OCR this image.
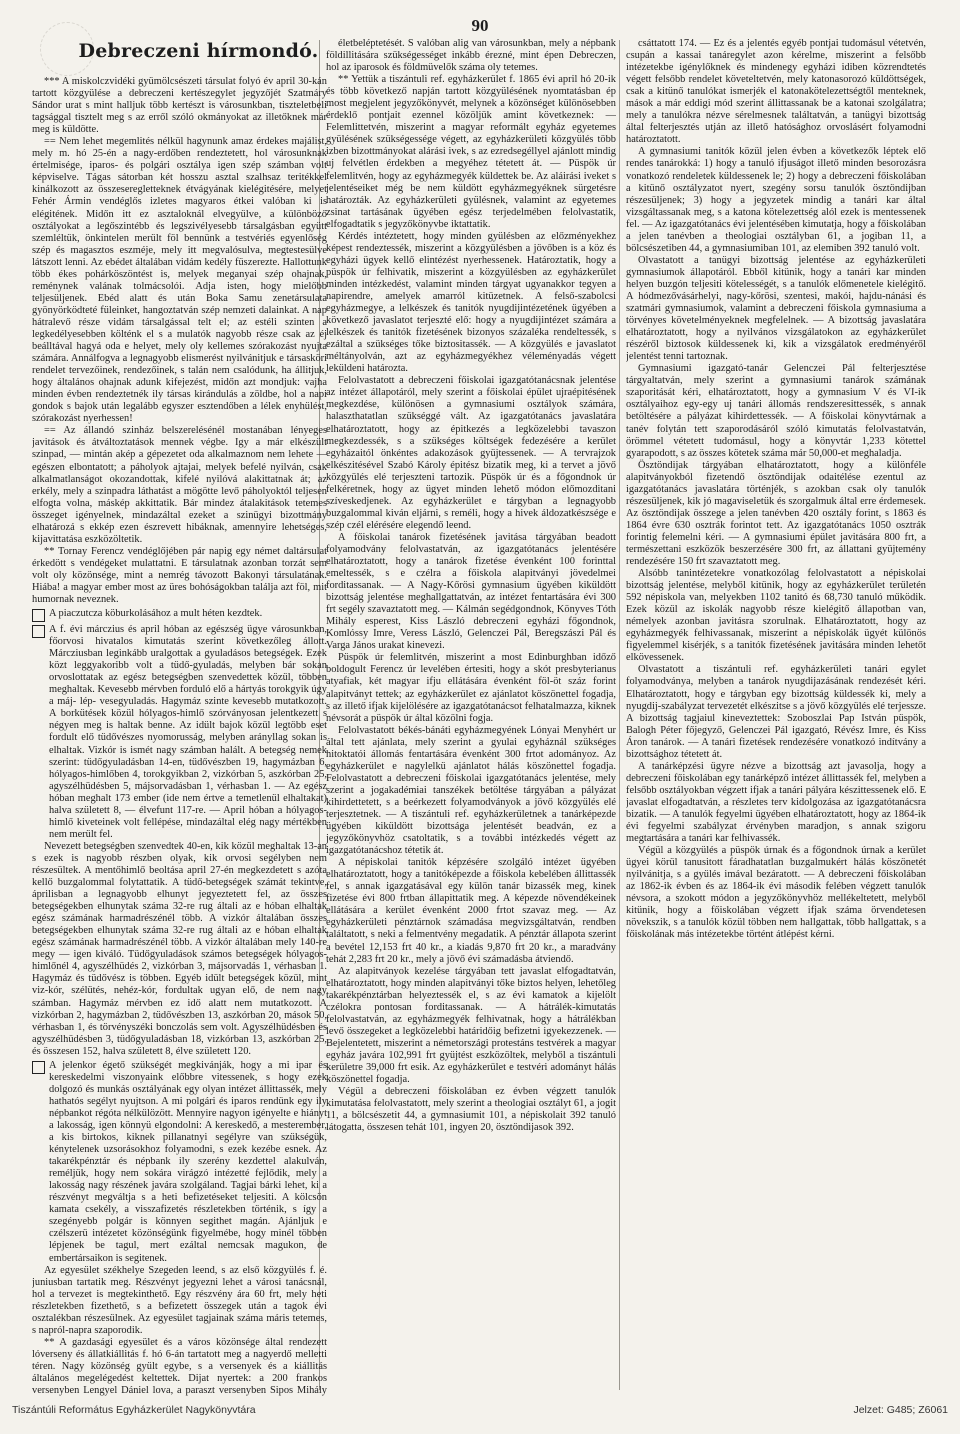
90
Debreczeni hírmondó.

*** A miskolczvidéki gyümölcsészeti társulat folyó év april 30-kán tartott közgyülése a debreczeni kertészegylet jegyzőjét Szatmáry Sándor urat s mint halljuk több kertészt is városunkban, tiszteletbeli tagsággal tisztelt meg s az erről szóló okmányokat az illetőknek már meg is küldötte.

== Nem lehet megemlités nélkül hagynunk amaz érdekes majálist, mely m. hó 25-én a nagy-erdőben rendeztetett, hol városunknak értelmisége, iparos- és polgári osztálya igen szép számban volt képviselve. Tágas sátorban két hosszu asztal szalhsaz teritékkel kinálkozott az összeseregletteknek étvágyának kielégitésére, melyet Fehér Ármin vendéglős izletes magyaros étkei valóban ki is elégitének. Midőn itt ez asztaloknál elvegyülve, a különböző osztályokat a legőszintébb és legszivélyesebb társalgásban együtt szemléltük, önkintelen merült föl bennünk a testvériés egyenlőség szép és magasztos eszméje, mely itt megvalósulva, megtestesülve látszott lenni. Az ebédet általában vidám kedély füszerezte. Hallottunk több ékes pohárköszöntést is, melyek meganyai szép ohajnak, reménynek valának tolmácsolói. Adja isten, hogy mielőbb teljesüljenek. Ebéd alatt és után Boka Samu zenetársulata gyönyörködteté füleinket, hangoztatván szép nemzeti dalainkat. A nap hátralevő része vidám társalgással telt el; az estéli szinten a legkedélyesebben költénk el s a mulatók nagyobb része csak az éj beálltával hagyá oda e helyet, mely oly kellemes szórakozást nyujta számára. Annálfogva a legnagyobb elismerést nyilvánitjuk e társasköri rendelet tervezőinek, rendezőinek, s talán nem csalódunk, ha állitjuk, hogy általános ohajnak adunk kifejezést, midőn azt mondjuk: vajha minden évben rendeztetnék ily társas kirándulás a zöldbe, hol a napi gondok s bajok után legalább egyszer esztendőben a lélek enyhülést, szórakozást nyerhessen!

== Az állandó szinház belszerelésénél mostanában lényeges javitások és átváltoztatások mennek végbe. Igy a már elkészült szinpad, — mintán akép a gépezetet oda alkalmaznom nem lehete — egészen elbontatott; a páholyok ajtajai, melyek befelé nyilván, csak alkalmatlanságot okozandottak, kifelé nyilóvá alakittatnak át; az erkély, mely a szinpadra láthatást a mögötte levő páholyoktól teljesen elfogta volna, máskép akkittatik. Bár mindez átalakitások tetemes összeget igényelnek, mindazáltal ezeket a szinügyi bizottmány elhatározá s ekkép ezen észrevett hibáknak, amennyire lehetséges, kijavittatása eszközöltetik.

** Tornay Ferencz vendéglőjében pár napig egy német daltársulat érkedött s vendégeket mulattatni. E társulatnak azonban torzát sem volt oly közönsége, mint a nemrég távozott Bakonyi társulatának. Hiába! a magyar ember most az üres bohóságokban találja azt föl, mit humornak neveznek.

A piaczutcza köburkolásához a mult héten kezdtek.
A f. évi márczius és april hóban az egészség ügye városunkban, főorvosi hivatalos kimutatás szerint következőleg állott. Márcziusban leginkább uralgottak a gyuladásos betegségek. Ezek közt leggyakoribb volt a tüdő-gyuladás, melyben bár sokan orvoslottatak az egész betegségben szenvedettek közül, többen meghaltak. Kevesebb mérvben forduló elő a hártyás torokgyik úgy a máj- lép- vesegyuladás. Hagymáz szinte kevesebb mutatkozott. A borkütések közül hólyagos-himlő szórványosan jelentkezett s négyen meg is haltak benne. Az idült bajok közül legtöbb eset fordult elő tüdővészes nyomorusság, melyben arányllag sokan is elhaltak. Vizkór is ismét nagy számban halált. A betegség nemek szerint: tüdőgyuladásban 14-en, tüdővészben 19, hagymázban 6, hólyagos-himlőben 4, torokgyikban 2, vizkórban 5, aszkórban 25, agyszélhüdésben 5, májsorvadásban 1, vérhasban 1. — Az egész hóban meghalt 173 ember (ide nem értve a temetlenül elhaltakat) halva született 8, — élvefunt 117-re. — April hóban a hólyagos-himlő kiveteinek volt fellépése, mindazáltal elég nagy mértékben nem merült fel.

Nevezett betegségben szenvedtek 40-en, kik közül meghaltak 13-an s ezek is nagyobb részben olyak, kik orvosi segélyben nem részesültek. A mentőhimlő beoltása april 27-én megkezdetett s azóta kellő buzgalommal folytattatik. A tüdő-betegségek számát tekintve, áprilisban a legnagyobb elhunyt jegyeztetett fel, az összes betegségekben elhunytak száma 32-re rug általi az e hóban elhaltak egész számának harmadrészénél több. A vizkór általában összes betegségekben elhunytak száma 32-re rug általi az e hóban elhaltak egész számának harmadrészénél több. A vizkór általában mely 140-re megy — igen kiváló. Tüdőgyuladások számos betegségek hólyagos-himlőnél 4, agyszélhüdés 2, vizkórban 3, májsorvadás 1, vérhasban 1. Hagymáz és tüdővész is többen. Egyéb idült betegségek közül, mint viz-kór, szélütés, nehéz-kór, fordultak ugyan elő, de nem nagy számban. Hagymáz mérvben ez idő alatt nem mutatkozott. A vizkórban 2, hagymázban 2, tüdővészben 13, aszkórban 20, mások 50, vérhasban 1, és törvényszéki bonczolás sem volt. Agyszélhüdésben és agyszélhüdésben 3, tüdőgyuladásban 18, vizkórban 13, aszkórban 25, és összesen 152, halva született 8, élve született 120.

A jelenkor égető szükségét megkivánják, hogy a mi ipar és kereskedelmi viszonyaink előbbre vitessenek, s hogy ezek dolgozó és munkás osztályának egy olyan intézet állittassék, mely hathatós segélyt nyujtson. A mi polgári és iparos rendünk egy ily népbankot régóta nélkülözött. Mennyire nagyon igényelte e hiányt a lakosság, igen könnyü elgondolni: A kereskedő, a mesterember, a kis birtokos, kiknek pillanatnyi segélyre van szükségük, kénytelenek uzsorásokhoz folyamodni, s ezek kezébe esnek. Az takarékpénztár és népbank ily szerény kezdettel alakulván, reméljük, hogy nem sokára virágzó intézetté fejlődik, mely a lakosság nagy részének javára szolgáland. Tagjai bárki lehet, ki a részvényt megváltja s a heti befizetéseket teljesiti. A kölcsön kamata csekély, a visszafizetés részletekben történik, s így a szegényebb polgár is könnyen segithet magán. Ajánljuk e czélszerü intézetet közönségünk figyelmébe, hogy minél többen lépjenek be tagul, mert ezáltal nemcsak magukon, de embertársaikon is segitenek.

Az egyesület székhelye Szegeden leend, s az első közgyülés f. é. juniusban tartatik meg. Részvényt jegyezni lehet a városi tanácsnál, hol a tervezet is megtekinthető. Egy részvény ára 60 frt, mely heti részletekben fizethető, s a befizetett összegek után a tagok évi osztalékban részesülnek. Az egyesület tagjainak száma máris tetemes, s napról-napra szaporodik.

** A gazdasági egyesület és a város közönsége által rendezett lóverseny és állatkiállitás f. hó 6-án tartatott meg a nagyerdő melletti téren. Nagy közönség gyült egybe, s a versenyek és a kiállitás általános megelégedést keltettek. Dijat nyertek: a 200 frankos versenyben Lengyel Dániel lova, a paraszt versenyben Sipos Mihály

életbeléptetését. S valóban alig van városunkban, mely a népbank földillitására szükségességet inkább érezné, mint épen Debreczen, hol az iparosok és földmüvelők száma oly tetemes.

** Yettük a tiszántuli ref. egyházkerület f. 1865 évi april hó 20-ik és több következő napján tartott közgyülésének nyomtatásban ép most megjelent jegyzőkönyvét, melynek a közönséget különösebben érdeklő pontjait ezennel közöljük amint következnek: — Felemlittetvén, miszerint a magyar reformált egyház egyetemes gyülésének szükségessége végett, az egyházkerületi közgyülés több izben bizottmányokat alárási ivek, s az ezredsegéllyel ajánlott mindig uj felvétlen érdekben a megyéhez tétetett át. — Püspök úr felemlitvén, hogy az egyházmegyék küldettek be. Az aláirási iveket s jelentéseiket még be nem küldött egyházmegyéknek sürgetésre határozták. Az egyházkerületi gyülésnek, valamint az egyetemes zsinat tartásának ügyében egész terjedelmében felolvastatik, elfogadtatik s jegyzőkönyvbe iktattatik.

Kérdés intéztetett, hogy minden gyülésben az előzményekhez képest rendeztessék, miszerint a közgyülésben a jövőben is a köz és egyházi ügyek kellő elintézést nyerhessenek. Határoztatik, hogy a püspök úr felhivatik, miszerint a közgyülésben az egyházkerület minden intézkedést, valamint minden tárgyat ugyanakkor tegyen a napirendre, amelyek amarról kitüzetnek. A felső-szabolcsi egyházmegye, a lelkészek és tanitók nyugdijintézetének ügyében a következő javaslatot terjeszté elő: hogy a nyugdijintézet számára a lelkészek és tanitók fizetésének bizonyos százaléka rendeltessék, s ezáltal a szükséges tőke biztositassék. — A közgyülés e javaslatot méltányolván, azt az egyházmegyékhez véleményadás végett leküldeni határozta.

Felolvastatott a debreczeni főiskolai igazgatótanácsnak jelentése az intézet állapotáról, mely szerint a főiskolai épület ujraépitésének megkezdése, különösen a gymnasiumi osztályok számára, halaszthatatlan szükséggé vált. Az igazgatótanács javaslatára elhatároztatott, hogy az épitkezés a legközelebbi tavaszon megkezdessék, s a szükséges költségek fedezésére a kerület egyházaitól önkéntes adakozások gyüjtessenek. — A tervrajzok elkészitésével Szabó Károly épitész bizatik meg, ki a tervet a jövő közgyülés elé terjeszteni tartozik. Püspök úr és a főgondnok úr felkéretnek, hogy az ügyet minden lehető módon előmozditani szíveskedjenek. Az egyházkerület e tárgyban a legnagyobb buzgalommal kiván eljárni, s reméli, hogy a hivek áldozatkészsége e szép czél elérésére elegendő leend.

A főiskolai tanárok fizetésének javitása tárgyában beadott folyamodvány felolvastatván, az igazgatótanács jelentésére elhatároztatott, hogy a tanárok fizetése évenként 100 forinttal emeltessék, s e czélra a főiskola alapitványi jövedelmei forditassanak. — A Nagy-Kőrösi gymnasium ügyében kiküldött bizottság jelentése meghallgattatván, az intézet fentartására évi 300 frt segély szavaztatott meg. — Kálmán segédgondnok, Könyves Tóth Mihály esperest, Kiss László debreczeni egyházi főgondnok, Komlóssy Imre, Veress László, Gelenczei Pál, Beregszászi Pál és Varga János urakat kinevezi.

Püspök úr felemlitvén, miszerint a most Edinburghban időző boldogult Ferencz úr levelében értesiti, hogy a skót presbyterianus atyafiak, két magyar ifju ellátására évenként föl-öt száz forint alapitványt tettek; az egyházkerület ez ajánlatot köszönettel fogadja, s az illető ifjak kijelölésére az igazgatótanácsot felhatalmazza, kiknek névsorát a püspök úr által közölni fogja.

Felolvastatott békés-bánáti egyházmegyének Lónyai Menyhért ur által tett ajánlata, mely szerint a gyulai egyháznál szükséges hitoktatói állomás fentartására évenként 300 frtot adományoz. Az egyházkerület e nagylelkü ajánlatot hálás köszönettel fogadja. Felolvastatott a debreczeni főiskolai igazgatótanács jelentése, mely szerint a jogakadémiai tanszékek betöltése tárgyában a pályázat kihirdettetett, s a beérkezett folyamodványok a jövő közgyülés elé terjesztetnek. — A tiszántuli ref. egyházkerületnek a tanárképezde ügyében kiküldött bizottsága jelentését beadván, ez a jegyzőkönyvhöz csatoltatik, s a további intézkedés végett az igazgatótanácshoz tétetik át.

A népiskolai tanitók képzésére szolgáló intézet ügyében elhatároztatott, hogy a tanitóképezde a főiskola kebelében állittassék fel, s annak igazgatásával egy külön tanár bizassék meg, kinek fizetése évi 800 frtban állapittatik meg. A képezde növendékeinek ellátására a kerület évenként 2000 frtot szavaz meg. — Az egyházkerületi pénztárnok számadása megvizsgáltatván, rendben találtatott, s neki a felmentvény megadatik. A pénztár állapota szerint a bevétel 12,153 frt 40 kr., a kiadás 9,870 frt 20 kr., a maradvány tehát 2,283 frt 20 kr., mely a jövő évi számadásba átviendő.

Az alapitványok kezelése tárgyában tett javaslat elfogadtatván, elhatároztatott, hogy minden alapitványi tőke biztos helyen, lehetőleg takarékpénztárban helyeztessék el, s az évi kamatok a kijelölt czélokra pontosan forditassanak. — A hátrálék-kimutatás felolvastatván, az egyházmegyék felhivatnak, hogy a hátrálékban levő összegeket a legközelebbi határidőig befizetni igyekezzenek. — Bejelentetett, miszerint a németországi protestáns testvérek a magyar egyház javára 102,991 frt gyüjtést eszközöltek, melyből a tiszántuli kerületre 39,000 frt esik. Az egyházkerület e testvéri adományt hálás köszönettel fogadja.

Végül a debreczeni főiskolában ez évben végzett tanulók kimutatása felolvastatott, mely szerint a theologiai osztályt 61, a jogit 11, a bölcsészetit 44, a gymnasiumit 101, a népiskolait 392 tanuló látogatta, összesen tehát 101, ingyen 20, ösztöndijasok 392.

csáttatott 174. — Ez és a jelentés egyéb pontjai tudomásul vétetvén, csupán a kassai tanáregylet azon kérelme, miszerint a felsőbb intézetekbe igénylőknek és mindenegy egyházi idiben közrendtetés végett felsőbb rendelet követeltetvén, mely katonasorozó küldöttségek, csak a kitünő tanulókat ismerjék el katonakötelezettségtől menteknek, mások a már eddigi mód szerint állittassanak be a katonai szolgálatra; mely a tanulókra nézve sérelmesnek találtatván, a tanügyi bizottság által felterjesztés utján az illető hatósághoz orvoslásért folyamodni határoztatott.

A gymnasiumi tanitók közül jelen évben a következők léptek elő rendes tanárokká: 1) hogy a tanuló ifjuságot illető minden besorozásra vonatkozó rendeletek küldessenek le; 2) hogy a debreczeni főiskolában a kitünő osztályzatot nyert, szegény sorsu tanulók ösztöndijban részesüljenek; 3) hogy a jegyzetek mindig a tanári kar által vizsgáltassanak meg, s a katona kötelezettség alól ezek is mentessenek fel. — Az igazgatótanács évi jelentésében kimutatja, hogy a főiskolában a jelen tanévben a theologiai osztályban 61, a jogiban 11, a bölcsészetiben 44, a gymnasiumiban 101, az elemiben 392 tanuló volt.

Olvastatott a tanügyi bizottság jelentése az egyházkerületi gymnasiumok állapotáról. Ebből kitünik, hogy a tanári kar minden helyen buzgón teljesiti kötelességét, s a tanulók előmenetele kielégitő. A hódmezővásárhelyi, nagy-kőrösi, szentesi, makói, hajdu-nánási és szatmári gymnasiumok, valamint a debreczeni főiskola gymnasiuma a törvényes követelményeknek megfelelnek. — A bizottság javaslatára elhatároztatott, hogy a nyilvános vizsgálatokon az egyházkerület részéről biztosok küldessenek ki, kik a vizsgálatok eredményéről jelentést tenni tartoznak.

Gymnasiumi igazgató-tanár Gelenczei Pál felterjesztése tárgyaltatván, mely szerint a gymnasiumi tanárok számának szaporitását kéri, elhatároztatott, hogy a gymnasium V és VI-ik osztályaihoz egy-egy uj tanári állomás rendszeresittessék, s annak betöltésére a pályázat kihirdettessék. — A főiskolai könyvtárnak a tanév folytán tett szaporodásáról szóló kimutatás felolvastatván, örömmel vétetett tudomásul, hogy a könyvtár 1,233 kötettel gyarapodott, s az összes kötetek száma már 50,000-et meghaladja.

Ösztöndijak tárgyában elhatároztatott, hogy a különféle alapitványokból fizetendő ösztöndijak odaitélése ezentul az igazgatótanács javaslatára történjék, s azokban csak oly tanulók részesüljenek, kik jó magaviseletük és szorgalmuk által erre érdemesek. Az ösztöndijak összege a jelen tanévben 420 osztály forint, s 1863 és 1864 évre 630 osztrák forintot tett. Az igazgatótanács 1050 osztrák forintig felemelni kéri. — A gymnasiumi épület javitására 800 frt, a természettani eszközök beszerzésére 300 frt, az állattani gyüjtemény rendezésére 150 frt szavaztatott meg.

Alsóbb tanintézetekre vonatkozólag felolvastatott a népiskolai bizottság jelentése, melyből kitünik, hogy az egyházkerület területén 592 népiskola van, melyekben 1102 tanitó és 68,730 tanuló működik. Ezek közül az iskolák nagyobb része kielégitő állapotban van, némelyek azonban javitásra szorulnak. Elhatároztatott, hogy az egyházmegyék felhivassanak, miszerint a népiskolák ügyét különös figyelemmel kisérjék, s a tanitók fizetésének javitására minden lehetőt elkövessenek.

Olvastatott a tiszántuli ref. egyházkerületi tanári egylet folyamodványa, melyben a tanárok nyugdijazásának rendezését kéri. Elhatároztatott, hogy e tárgyban egy bizottság küldessék ki, mely a nyugdij-szabályzat tervezetét elkészitse s a jövő közgyülés elé terjessze. A bizottság tagjaiul kineveztettek: Szoboszlai Pap István püspök, Balogh Péter főjegyző, Gelenczei Pál igazgató, Révész Imre, és Kiss Áron tanárok. — A tanári fizetések rendezésére vonatkozó indítvány a bizottsághoz tétetett át.

A tanárképzési ügyre nézve a bizottság azt javasolja, hogy a debreczeni főiskolában egy tanárképző intézet állittassék fel, melyben a felsőbb osztályokban végzett ifjak a tanári pályára készittessenek elő. E javaslat elfogadtatván, a részletes terv kidolgozása az igazgatótanácsra bizatik. — A tanulók fegyelmi ügyében elhatároztatott, hogy az 1864-ik évi fegyelmi szabályzat érvényben maradjon, s annak szigoru megtartására a tanári kar felhivassék.

Végül a közgyülés a püspök úrnak és a főgondnok úrnak a kerület ügyei körül tanusitott fáradhatatlan buzgalmukért hálás köszönetét nyilvánitja, s a gyülés imával bezáratott. — A debreczeni főiskolában az 1862-ik évben és az 1864-ik évi második felében végzett tanulók névsora, a szokott módon a jegyzőkönyvhöz mellékeltetett, melyből kitünik, hogy a főiskolában végzett ifjak száma örvendetesen növekszik, s a tanulók közül többen nem hallgattak, több hallgattak, s a főiskolának más intézetekbe történt átlépést kérni.

Tiszántúli Református Egyházkerület Nagykönyvtára	Jelzet: G485; Z6061
